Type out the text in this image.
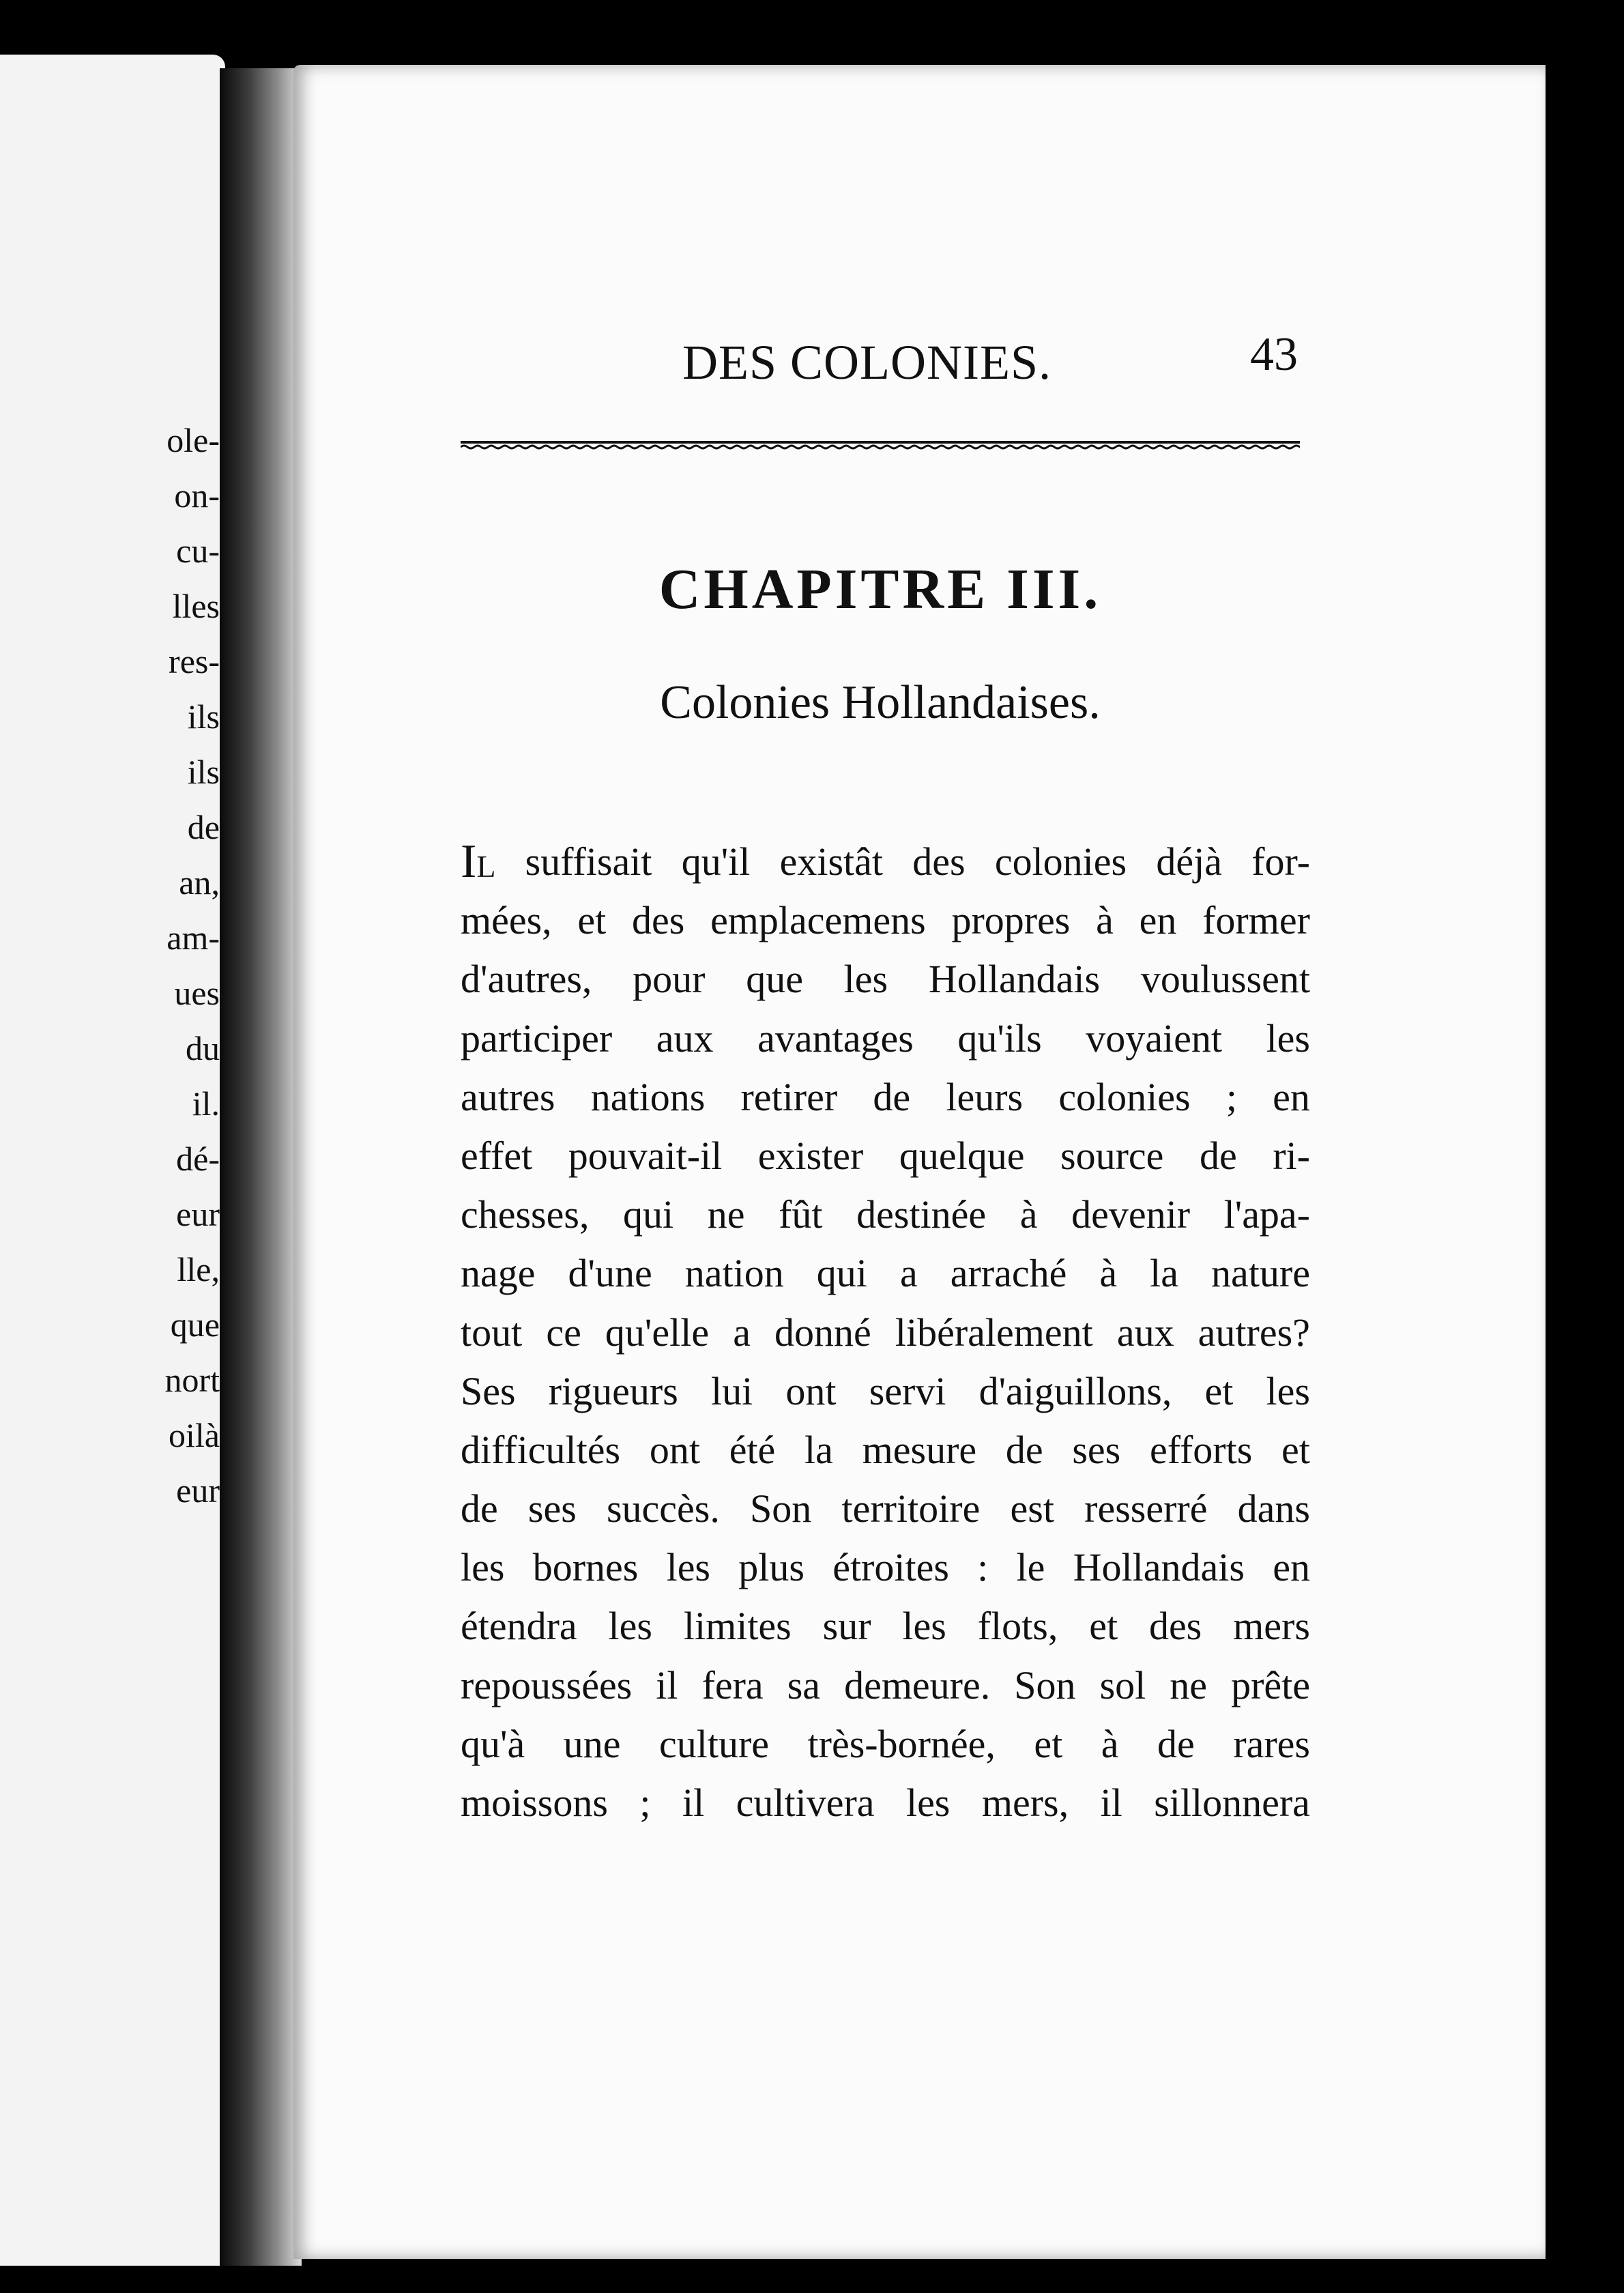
ole-
on-
cu-
lles
res-
ils
ils
de
an,
am-
ues
du
il.
dé-
eur
lle,
que
nort
oilà
eur
DES COLONIES.	43
CHAPITRE III.
Colonies Hollandaises.
IL suffisait qu'il existât des colonies déjà for-
mées, et des emplacemens propres à en former
d'autres, pour que les Hollandais voulussent
participer aux avantages qu'ils voyaient les
autres nations retirer de leurs colonies ; en
effet pouvait-il exister quelque source de ri-
chesses, qui ne fût destinée à devenir l'apa-
nage d'une nation qui a arraché à la nature
tout ce qu'elle a donné libéralement aux autres?
Ses rigueurs lui ont servi d'aiguillons, et les
difficultés ont été la mesure de ses efforts et
de ses succès. Son territoire est resserré dans
les bornes les plus étroites : le Hollandais en
étendra les limites sur les flots, et des mers
repoussées il fera sa demeure. Son sol ne prête
qu'à une culture très-bornée, et à de rares
moissons ; il cultivera les mers, il sillonnera
